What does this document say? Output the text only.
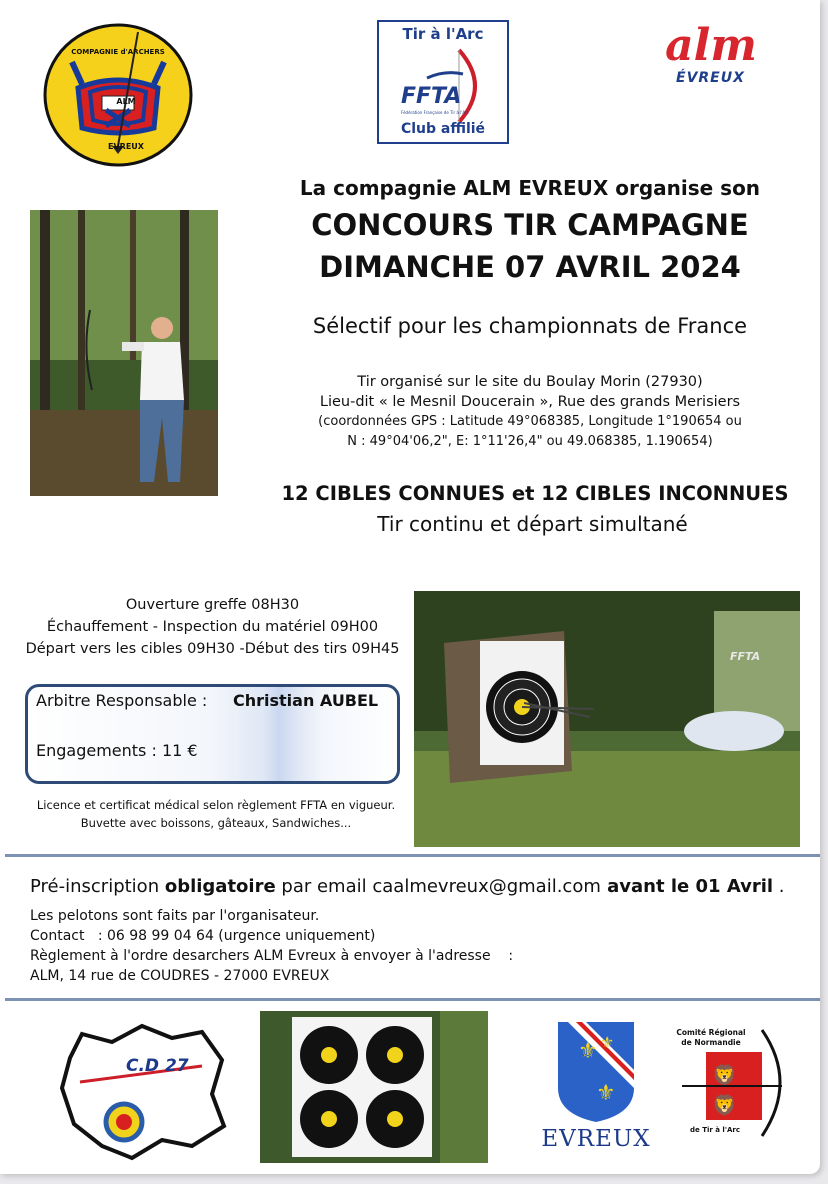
COMPAGNIE d'ARCHERS
ALM
EVREUX
Tir à l'Arc
FFTA
Fédération Française de Tir à l'Arc
Club affilié
alm
ÉVREUX
La compagnie ALM EVREUX organise son
CONCOURS TIR CAMPAGNE
DIMANCHE 07 AVRIL 2024
Sélectif pour les championnats de France
Tir organisé sur le site du Boulay Morin (27930)
Lieu-dit « le Mesnil Doucerain », Rue des grands Merisiers
(coordonnées GPS : Latitude 49°068385, Longitude 1°190654 ou
N : 49°04'06,2", E: 1°11'26,4" ou 49.068385, 1.190654)
12 CIBLES CONNUES et 12 CIBLES INCONNUES
Tir continu et départ simultané
Ouverture greffe 08H30
Échauffement - Inspection du matériel 09H00
Départ vers les cibles 09H30 -Début des tirs 09H45
Arbitre Responsable : Christian AUBEL
Engagements : 11 €
Licence et certificat médical selon règlement FFTA en vigueur.
Buvette avec boissons, gâteaux, Sandwiches...
FFTA
Pré-inscription obligatoire par email caalmevreux@gmail.com avant le 01 Avril .
Les pelotons sont faits par l'organisateur.
Contact   : 06 98 99 04 64 (urgence uniquement)
Règlement à l'ordre desarchers ALM Evreux à envoyer à l'adresse    :
ALM, 14 rue de COUDRES - 27000 EVREUX
C.D 27
⚜
⚜
⚜
EVREUX
🦁
🦁
Comité Régional de Normandie
de Tir à l'Arc
